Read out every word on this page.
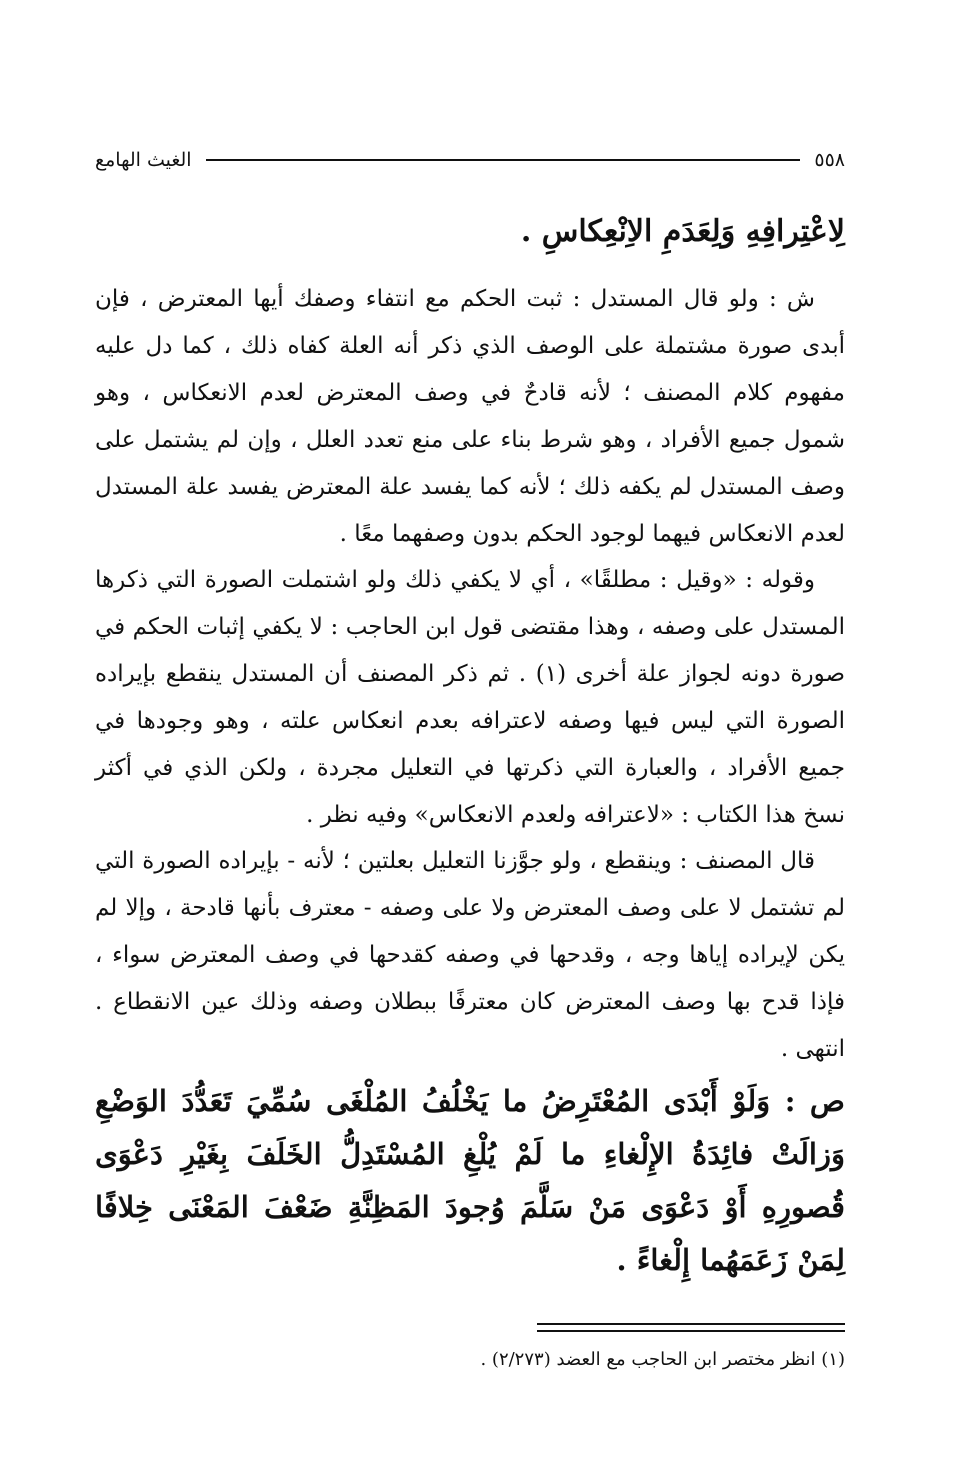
٥٥٨
الغيث الهامع
لِاعْتِرافِهِ وَلِعَدَمِ الاِنْعِكاسِ .

ش : ولو قال المستدل : ثبت الحكم مع انتفاء وصفك أيها المعترض ، فإن أبدى صورة مشتملة على الوصف الذي ذكر أنه العلة كفاه ذلك ، كما دل عليه مفهوم كلام المصنف ؛ لأنه قادحٌ في وصف المعترض لعدم الانعكاس ، وهو شمول جميع الأفراد ، وهو شرط بناء على منع تعدد العلل ، وإن لم يشتمل على وصف المستدل لم يكفه ذلك ؛ لأنه كما يفسد علة المعترض يفسد علة المستدل لعدم الانعكاس فيهما لوجود الحكم بدون وصفهما معًا .

وقوله : «وقيل : مطلقًا» ، أي لا يكفي ذلك ولو اشتملت الصورة التي ذكرها المستدل على وصفه ، وهذا مقتضى قول ابن الحاجب : لا يكفي إثبات الحكم في صورة دونه لجواز علة أخرى (١) . ثم ذكر المصنف أن المستدل ينقطع بإيراده الصورة التي ليس فيها وصفه لاعترافه بعدم انعكاس علته ، وهو وجودها في جميع الأفراد ، والعبارة التي ذكرتها في التعليل مجردة ، ولكن الذي في أكثر نسخ هذا الكتاب : «لاعترافه ولعدم الانعكاس» وفيه نظر .

قال المصنف : وينقطع ، ولو جوَّزنا التعليل بعلتين ؛ لأنه - بإيراده الصورة التي لم تشتمل لا على وصف المعترض ولا على وصفه - معترف بأنها قادحة ، وإلا لم يكن لإيراده إياها وجه ، وقدحها في وصفه كقدحها في وصف المعترض سواء ، فإذا قدح بها وصف المعترض كان معترفًا ببطلان وصفه وذلك عين الانقطاع . انتهى .

ص : وَلَوْ أَبْدَى المُعْتَرِضُ ما يَخْلُفُ المُلْغَى سُمِّيَ تَعَدُّدَ الوَضْعِ وَزالَتْ فائِدَةُ الإِلْغاءِ ما لَمْ يُلْغِ المُسْتَدِلُّ الخَلَفَ بِغَيْرِ دَعْوَى قُصورِهِ أَوْ دَعْوَى مَنْ سَلَّمَ وُجودَ المَظِنَّةِ ضَعْفَ المَعْنَى خِلافًا لِمَنْ زَعَمَهُما إِلْغاءً .

(١) انظر مختصر ابن الحاجب مع العضد (٢/٢٧٣) .
